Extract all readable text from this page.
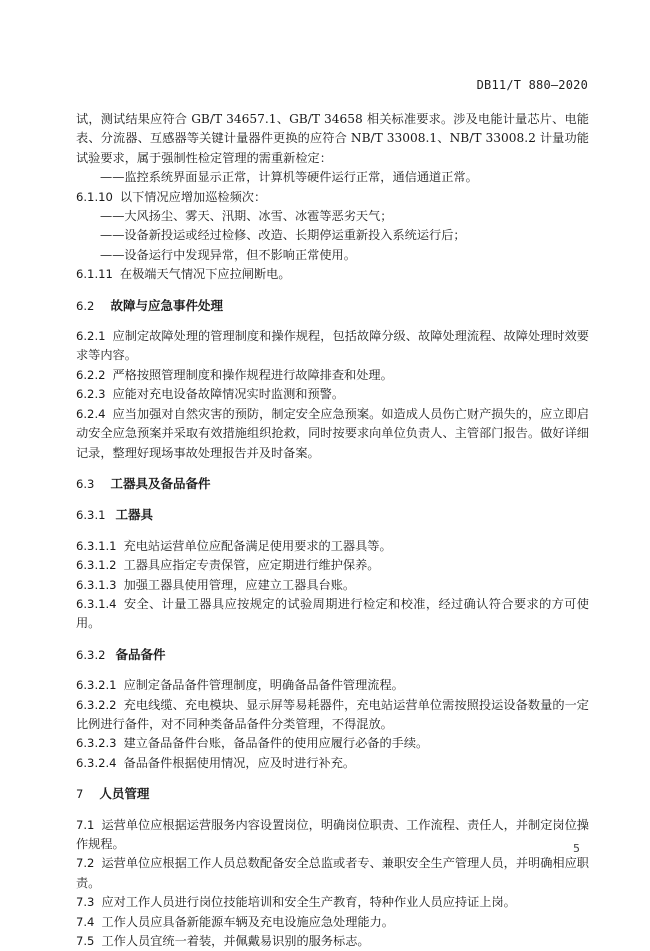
DB11/T 880—2020

试，测试结果应符合 GB/T 34657.1、GB/T 34658 相关标准要求。涉及电能计量芯片、电能表、分流器、互感器等关键计量器件更换的应符合 NB/T 33008.1、NB/T 33008.2 计量功能试验要求，属于强制性检定管理的需重新检定：

——监控系统界面显示正常，计算机等硬件运行正常，通信通道正常。

6.1.10 以下情况应增加巡检频次：

——大风扬尘、雾天、汛期、冰雪、冰雹等恶劣天气；

——设备新投运或经过检修、改造、长期停运重新投入系统运行后；

——设备运行中发现异常，但不影响正常使用。

6.1.11 在极端天气情况下应拉闸断电。

6.2 故障与应急事件处理

6.2.1 应制定故障处理的管理制度和操作规程，包括故障分级、故障处理流程、故障处理时效要求等内容。

6.2.2 严格按照管理制度和操作规程进行故障排查和处理。

6.2.3 应能对充电设备故障情况实时监测和预警。

6.2.4 应当加强对自然灾害的预防，制定安全应急预案。如造成人员伤亡财产损失的，应立即启动安全应急预案并采取有效措施组织抢救，同时按要求向单位负责人、主管部门报告。做好详细记录，整理好现场事故处理报告并及时备案。

6.3 工器具及备品备件

6.3.1 工器具

6.3.1.1 充电站运营单位应配备满足使用要求的工器具等。

6.3.1.2 工器具应指定专责保管，应定期进行维护保养。

6.3.1.3 加强工器具使用管理，应建立工器具台账。

6.3.1.4 安全、计量工器具应按规定的试验周期进行检定和校准，经过确认符合要求的方可使用。

6.3.2 备品备件

6.3.2.1 应制定备品备件管理制度，明确备品备件管理流程。

6.3.2.2 充电线缆、充电模块、显示屏等易耗器件，充电站运营单位需按照投运设备数量的一定比例进行备件，对不同种类备品备件分类管理，不得混放。

6.3.2.3 建立备品备件台账，备品备件的使用应履行必备的手续。

6.3.2.4 备品备件根据使用情况，应及时进行补充。

7 人员管理

7.1 运营单位应根据运营服务内容设置岗位，明确岗位职责、工作流程、责任人，并制定岗位操作规程。

7.2 运营单位应根据工作人员总数配备安全总监或者专、兼职安全生产管理人员，并明确相应职责。

7.3 应对工作人员进行岗位技能培训和安全生产教育，特种作业人员应持证上岗。

7.4 工作人员应具备新能源车辆及充电设施应急处理能力。

7.5 工作人员宜统一着装，并佩戴易识别的服务标志。

5
